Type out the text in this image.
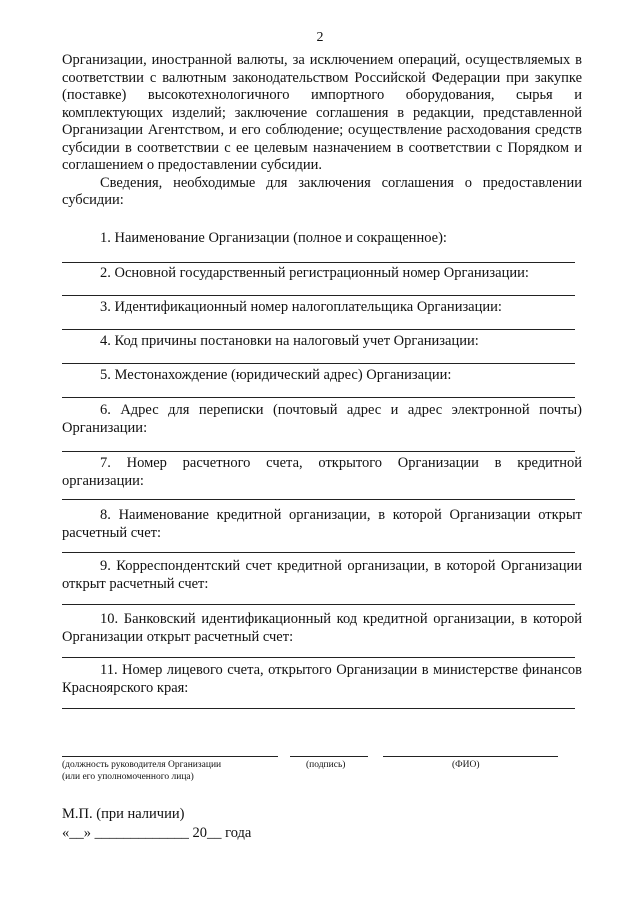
2
Организации, иностранной валюты, за исключением операций, осуществляемых в соответствии с валютным законодательством Российской Федерации при закупке (поставке) высокотехнологичного импортного оборудования, сырья и комплектующих изделий; заключение соглашения в редакции, представленной Организации Агентством, и его соблюдение; осуществление расходования средств субсидии в соответствии с ее целевым назначением в соответствии с Порядком и соглашением о предоставлении субсидии.
Сведения, необходимые для заключения соглашения о предоставлении субсидии:
1. Наименование Организации (полное и сокращенное):
2. Основной государственный регистрационный номер Организации:
3. Идентификационный номер налогоплательщика Организации:
4. Код причины постановки на налоговый учет Организации:
5. Местонахождение (юридический адрес) Организации:
6. Адрес для переписки (почтовый адрес и адрес электронной почты) Организации:
7. Номер расчетного счета, открытого Организации в кредитной организации:
8. Наименование кредитной организации, в которой Организации открыт расчетный счет:
9. Корреспондентский счет кредитной организации, в которой Организации открыт расчетный счет:
10. Банковский идентификационный код кредитной организации, в которой Организации открыт расчетный счет:
11. Номер лицевого счета, открытого Организации в министерстве финансов Красноярского края:
(должность руководителя Организации
(или его уполномоченного лица)
(подпись)	(ФИО)
М.П. (при наличии)
«__» _____________ 20__ года
